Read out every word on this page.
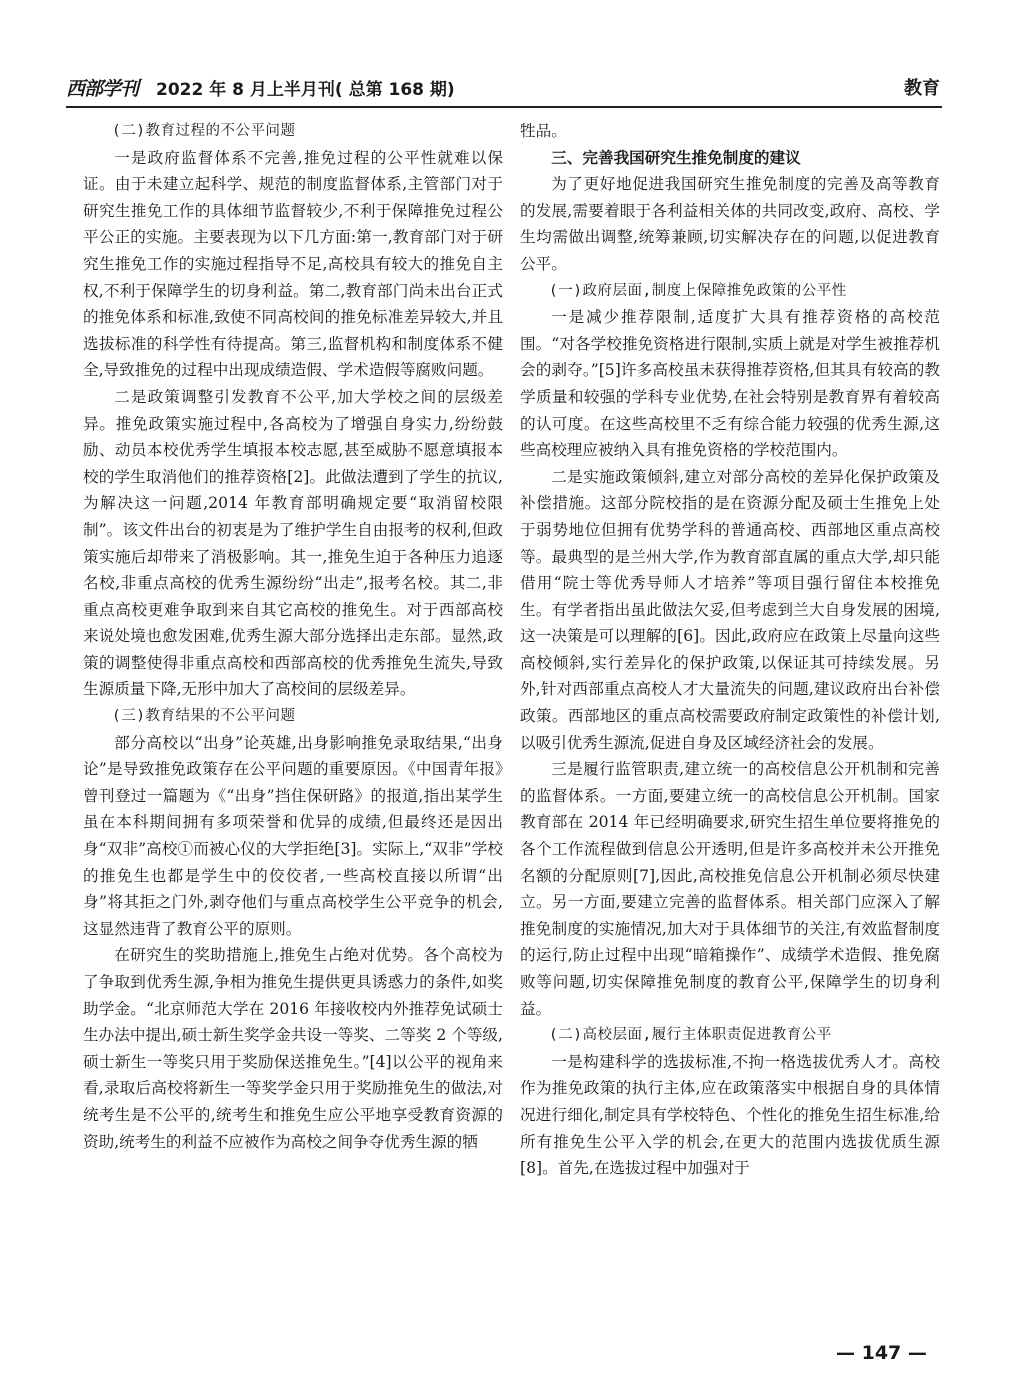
西部学刊 2022 年 8 月上半月刊( 总第 168 期)	教育
(二)教育过程的不公平问题

一是政府监督体系不完善,推免过程的公平性就难以保证。由于未建立起科学、规范的制度监督体系,主管部门对于研究生推免工作的具体细节监督较少,不利于保障推免过程公平公正的实施。主要表现为以下几方面:第一,教育部门对于研究生推免工作的实施过程指导不足,高校具有较大的推免自主权,不利于保障学生的切身利益。第二,教育部门尚未出台正式的推免体系和标准,致使不同高校间的推免标准差异较大,并且选拔标准的科学性有待提高。第三,监督机构和制度体系不健全,导致推免的过程中出现成绩造假、学术造假等腐败问题。

二是政策调整引发教育不公平,加大学校之间的层级差异。推免政策实施过程中,各高校为了增强自身实力,纷纷鼓励、动员本校优秀学生填报本校志愿,甚至威胁不愿意填报本校的学生取消他们的推荐资格[2]。此做法遭到了学生的抗议,为解决这一问题,2014 年教育部明确规定要“取消留校限制”。该文件出台的初衷是为了维护学生自由报考的权利,但政策实施后却带来了消极影响。其一,推免生迫于各种压力追逐名校,非重点高校的优秀生源纷纷“出走”,报考名校。其二,非重点高校更难争取到来自其它高校的推免生。对于西部高校来说处境也愈发困难,优秀生源大部分选择出走东部。显然,政策的调整使得非重点高校和西部高校的优秀推免生流失,导致生源质量下降,无形中加大了高校间的层级差异。

(三)教育结果的不公平问题

部分高校以“出身”论英雄,出身影响推免录取结果,“出身论”是导致推免政策存在公平问题的重要原因。《中国青年报》曾刊登过一篇题为《“出身”挡住保研路》的报道,指出某学生虽在本科期间拥有多项荣誉和优异的成绩,但最终还是因出身“双非”高校①而被心仪的大学拒绝[3]。实际上,“双非”学校的推免生也都是学生中的佼佼者,一些高校直接以所谓“出身”将其拒之门外,剥夺他们与重点高校学生公平竞争的机会,这显然违背了教育公平的原则。

在研究生的奖助措施上,推免生占绝对优势。各个高校为了争取到优秀生源,争相为推免生提供更具诱惑力的条件,如奖助学金。“北京师范大学在 2016 年接收校内外推荐免试硕士生办法中提出,硕士新生奖学金共设一等奖、二等奖 2 个等级,硕士新生一等奖只用于奖励保送推免生。”[4]以公平的视角来看,录取后高校将新生一等奖学金只用于奖励推免生的做法,对统考生是不公平的,统考生和推免生应公平地享受教育资源的资助,统考生的利益不应被作为高校之间争夺优秀生源的牺

牲品。

三、完善我国研究生推免制度的建议

为了更好地促进我国研究生推免制度的完善及高等教育的发展,需要着眼于各利益相关体的共同改变,政府、高校、学生均需做出调整,统筹兼顾,切实解决存在的问题,以促进教育公平。

(一)政府层面,制度上保障推免政策的公平性

一是减少推荐限制,适度扩大具有推荐资格的高校范围。“对各学校推免资格进行限制,实质上就是对学生被推荐机会的剥夺。”[5]许多高校虽未获得推荐资格,但其具有较高的教学质量和较强的学科专业优势,在社会特别是教育界有着较高的认可度。在这些高校里不乏有综合能力较强的优秀生源,这些高校理应被纳入具有推免资格的学校范围内。

二是实施政策倾斜,建立对部分高校的差异化保护政策及补偿措施。这部分院校指的是在资源分配及硕士生推免上处于弱势地位但拥有优势学科的普通高校、西部地区重点高校等。最典型的是兰州大学,作为教育部直属的重点大学,却只能借用“院士等优秀导师人才培养”等项目强行留住本校推免生。有学者指出虽此做法欠妥,但考虑到兰大自身发展的困境,这一决策是可以理解的[6]。因此,政府应在政策上尽量向这些高校倾斜,实行差异化的保护政策,以保证其可持续发展。另外,针对西部重点高校人才大量流失的问题,建议政府出台补偿政策。西部地区的重点高校需要政府制定政策性的补偿计划,以吸引优秀生源流,促进自身及区域经济社会的发展。

三是履行监管职责,建立统一的高校信息公开机制和完善的监督体系。一方面,要建立统一的高校信息公开机制。国家教育部在 2014 年已经明确要求,研究生招生单位要将推免的各个工作流程做到信息公开透明,但是许多高校并未公开推免名额的分配原则[7],因此,高校推免信息公开机制必须尽快建立。另一方面,要建立完善的监督体系。相关部门应深入了解推免制度的实施情况,加大对于具体细节的关注,有效监督制度的运行,防止过程中出现“暗箱操作”、成绩学术造假、推免腐败等问题,切实保障推免制度的教育公平,保障学生的切身利益。

(二)高校层面,履行主体职责促进教育公平

一是构建科学的选拔标准,不拘一格选拔优秀人才。高校作为推免政策的执行主体,应在政策落实中根据自身的具体情况进行细化,制定具有学校特色、个性化的推免生招生标准,给所有推免生公平入学的机会,在更大的范围内选拔优质生源[8]。首先,在选拔过程中加强对于

— 147 —
